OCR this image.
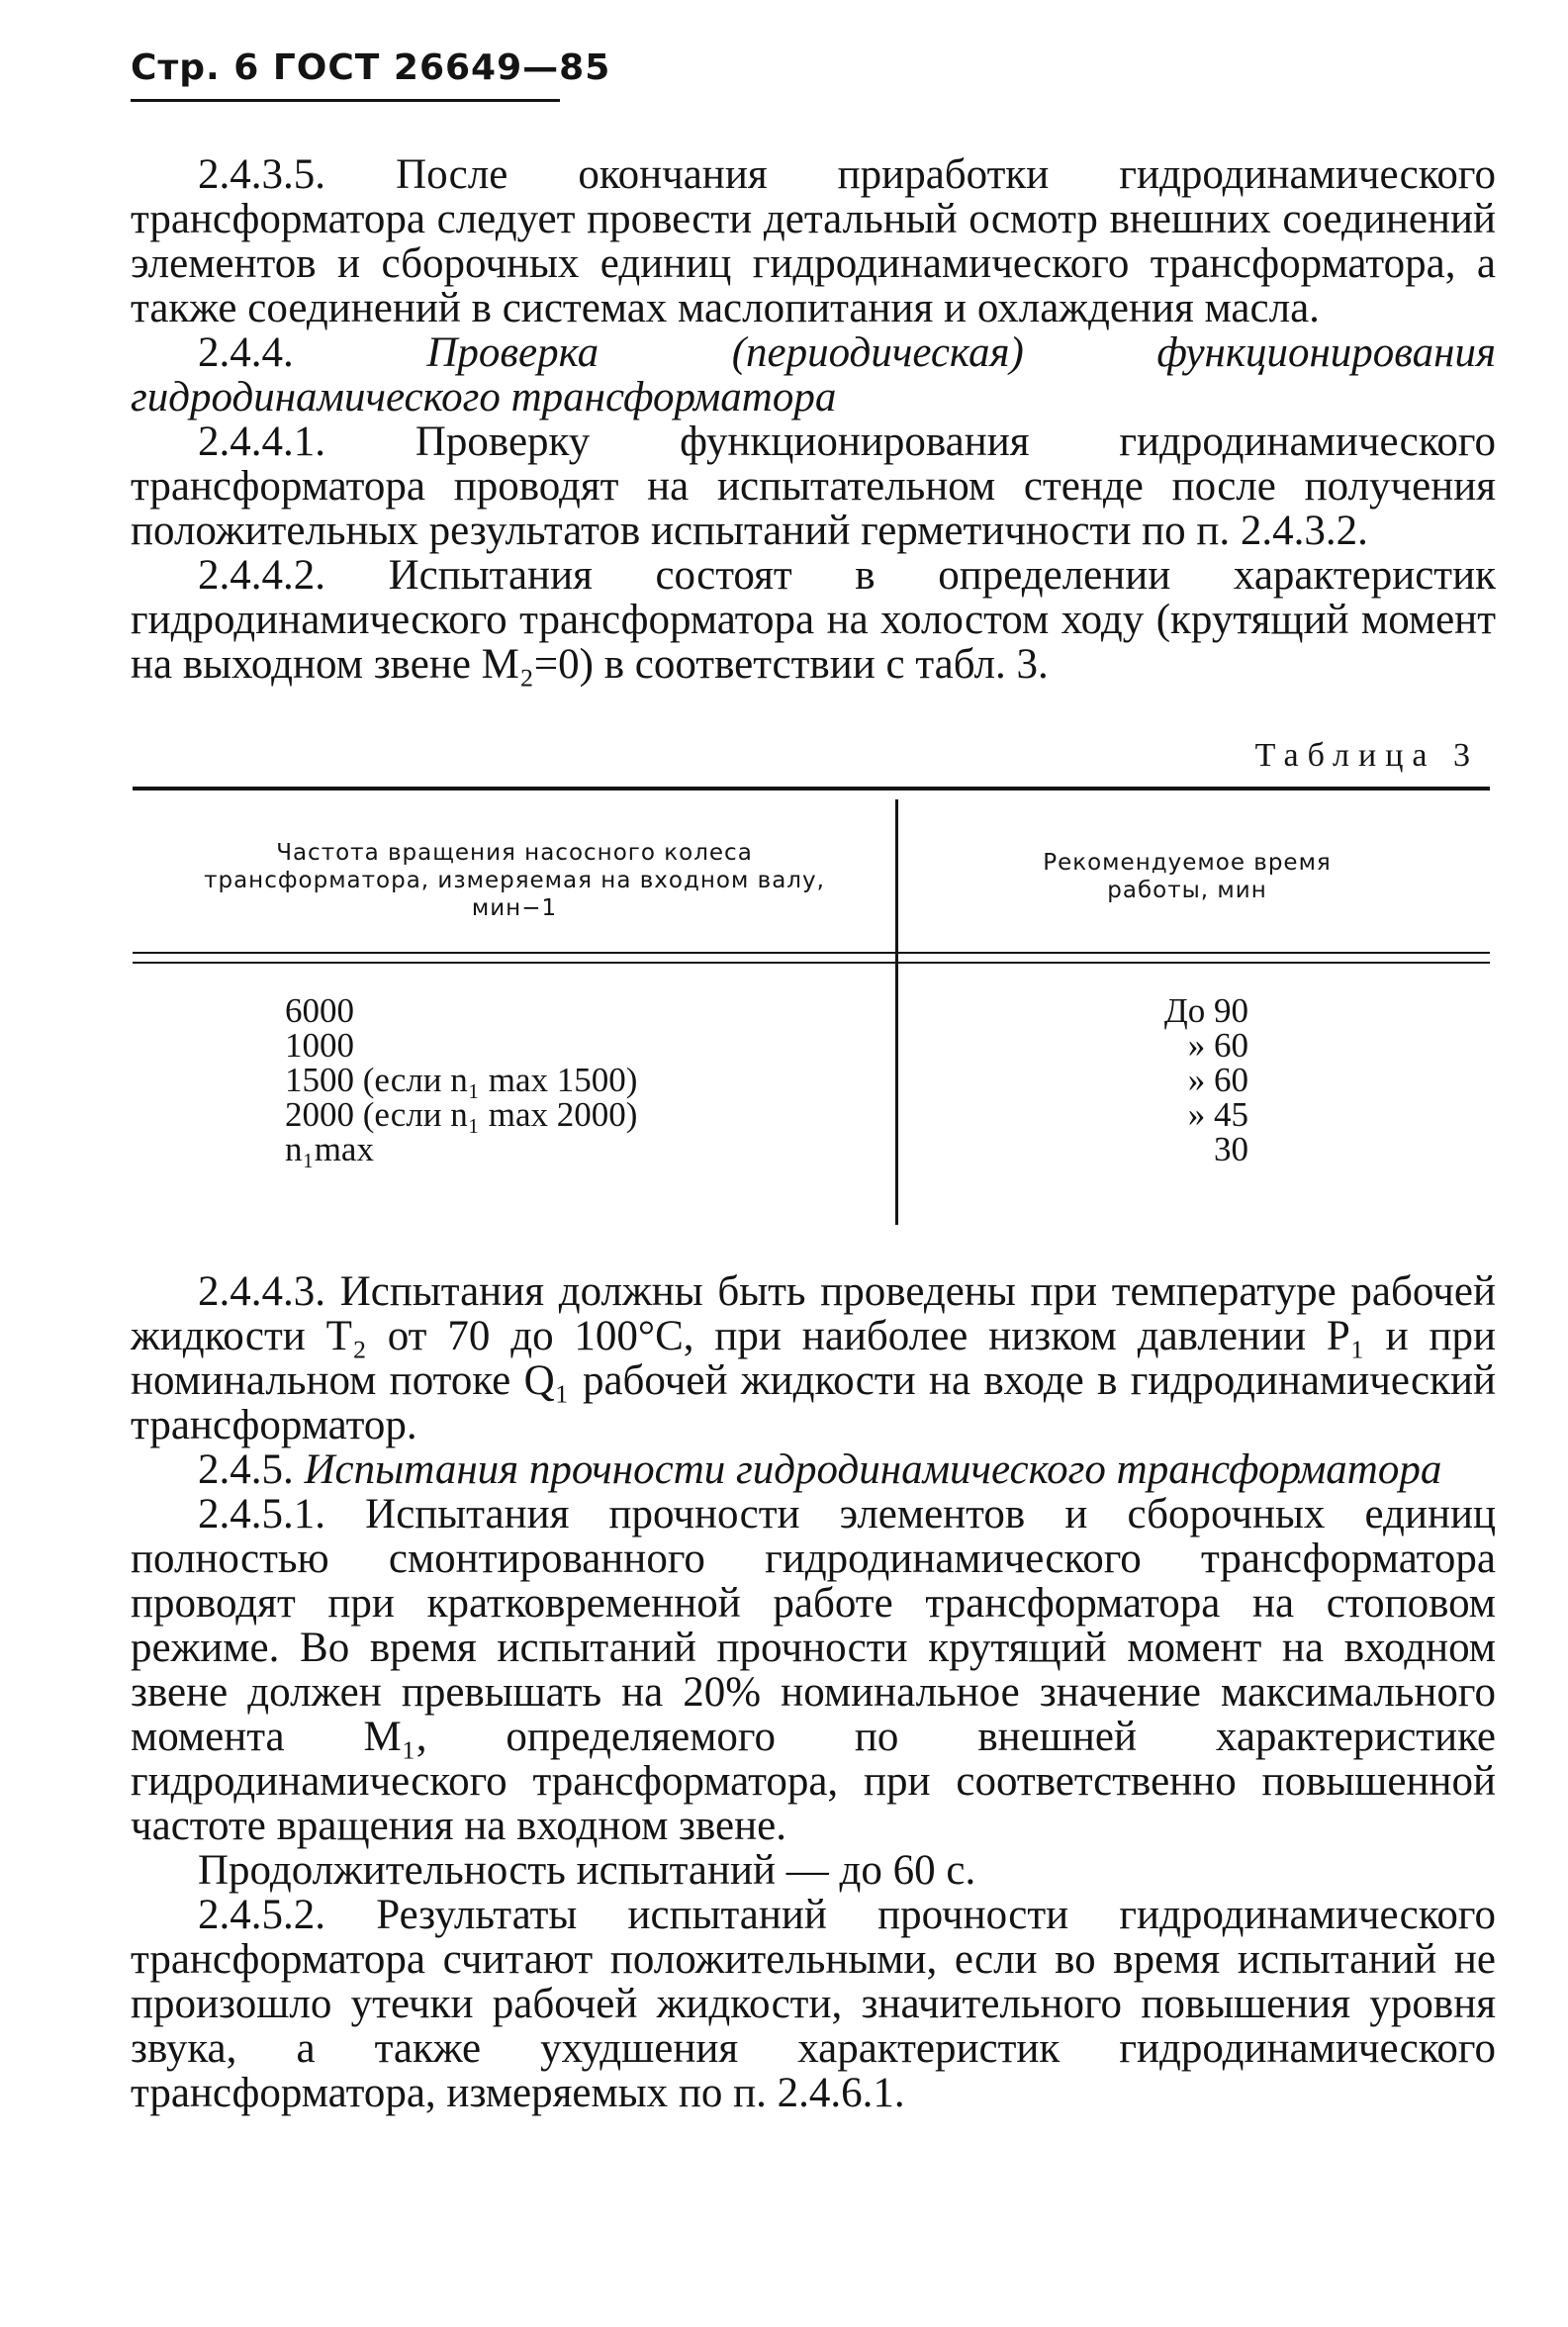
Стр. 6 ГОСТ 26649—85

2.4.3.5. После окончания приработки гидродинамического трансформатора следует провести детальный осмотр внешних соединений элементов и сборочных единиц гидродинамического трансформатора, а также соединений в системах маслопитания и охлаждения масла.

2.4.4.	Проверка (периодическая) функционирования гидродинамического трансформатора

2.4.4.1. Проверку функционирования гидродинамического трансформатора проводят на испытательном стенде после получения положительных результатов испытаний герметичности по п. 2.4.3.2.

2.4.4.2. Испытания состоят в определении характеристик гидродинамического трансформатора на холостом ходу (крутящий момент на выходном звене M₂=0) в соответствии с табл. 3.

Таблица 3
Частота вращения насосного колеса трансформатора, измеряемая на входном валу, мин−1
Рекомендуемое время работы, мин
6000
1000
1500 (если n₁ max 1500)
2000 (если n₁ max 2000)
n₁max
До 90
» 60
» 60
» 45
30

2.4.4.3. Испытания должны быть проведены при температуре рабочей жидкости T₂ от 70 до 100°С, при наиболее низком давлении P₁ и при номинальном потоке Q₁ рабочей жидкости на входе в гидродинамический трансформатор.

2.4.5. Испытания прочности гидродинамического трансформатора

2.4.5.1. Испытания прочности элементов и сборочных единиц полностью смонтированного гидродинамического трансформатора проводят при кратковременной работе трансформатора на стоповом режиме. Во время испытаний прочности крутящий момент на входном звене должен превышать на 20% номинальное значение максимального момента M₁, определяемого по внешней характеристике гидродинамического трансформатора, при соответственно повышенной частоте вращения на входном звене.

Продолжительность испытаний — до 60 с.

2.4.5.2. Результаты испытаний прочности гидродинамического трансформатора считают положительными, если во время испытаний не произошло утечки рабочей жидкости, значительного повышения уровня звука, а также ухудшения характеристик гидродинамического трансформатора, измеряемых по п. 2.4.6.1.
